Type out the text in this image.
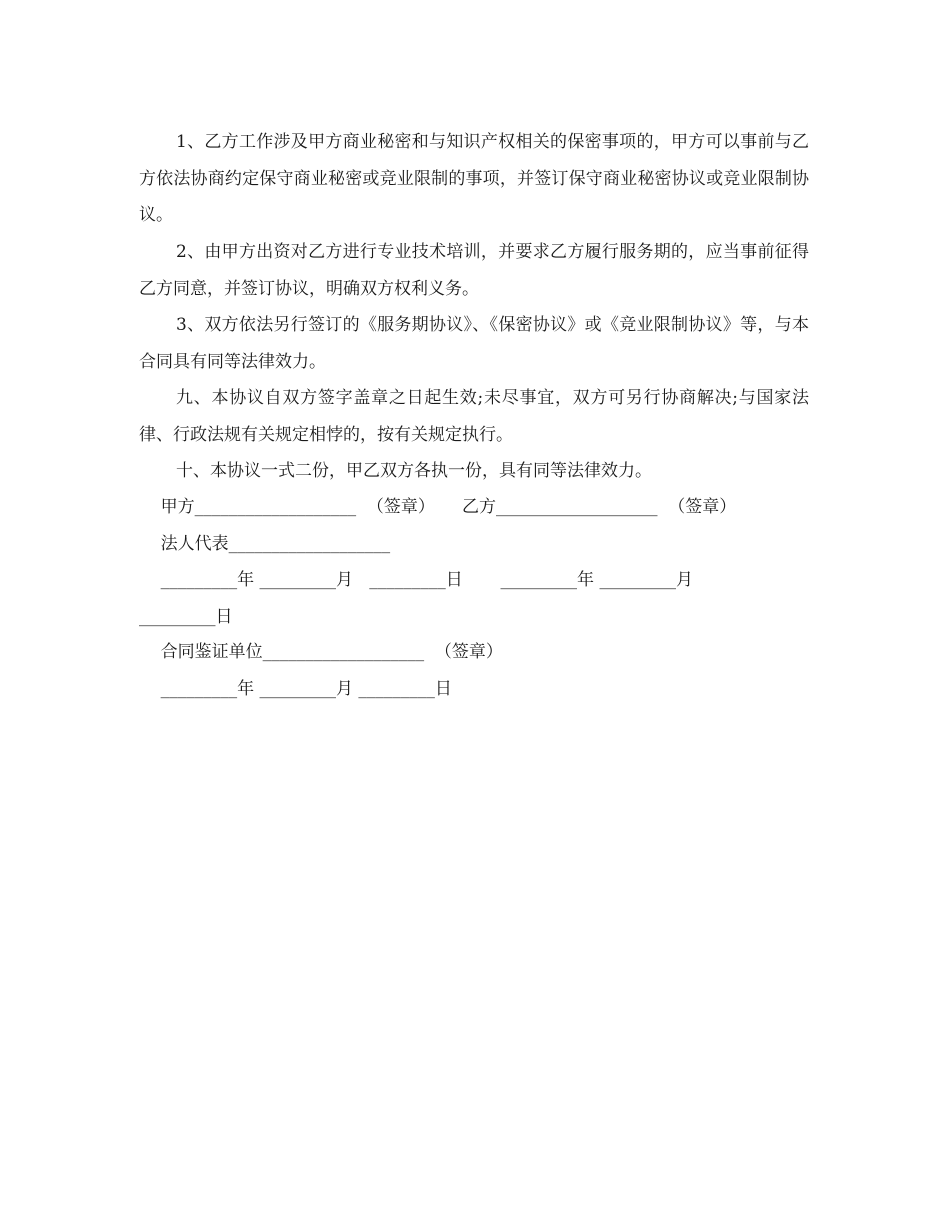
1、乙方工作涉及甲方商业秘密和与知识产权相关的保密事项的，甲方可以事前与乙方依法协商约定保守商业秘密或竞业限制的事项，并签订保守商业秘密协议或竞业限制协议。

2、由甲方出资对乙方进行专业技术培训，并要求乙方履行服务期的，应当事前征得乙方同意，并签订协议，明确双方权利义务。

3、双方依法另行签订的《服务期协议》、《保密协议》或《竞业限制协议》等，与本合同具有同等法律效力。

九、本协议自双方签字盖章之日起生效;未尽事宜，双方可另行协商解决;与国家法律、行政法规有关规定相悖的，按有关规定执行。

十、本协议一式二份，甲乙双方各执一份，具有同等法律效力。

甲方___________________  （签章）     乙方___________________  （签章）

法人代表___________________

_________年 _________月   _________日       _________年 _________月

_________日

合同鉴证单位___________________  （签章）

_________年 _________月 _________日
